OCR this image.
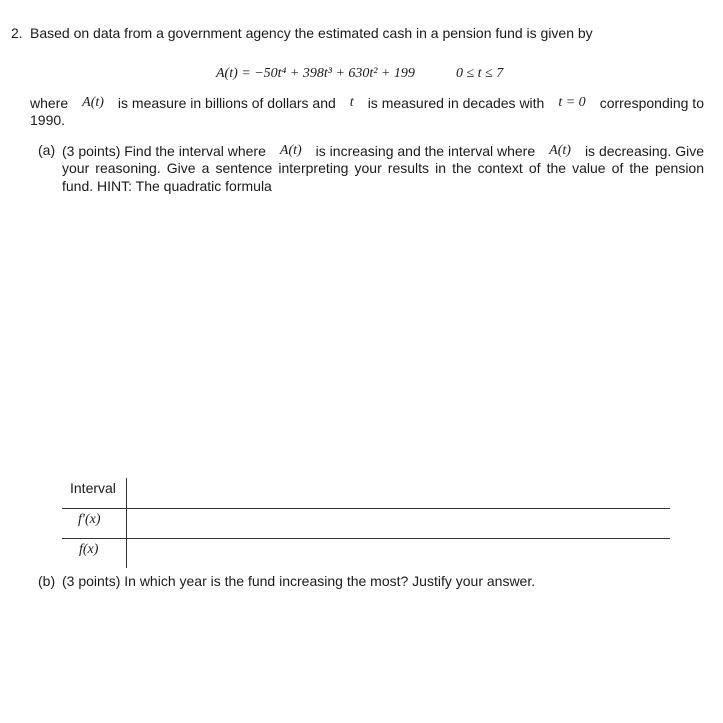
2. Based on data from a government agency the estimated cash in a pension fund is given by
A(t) = −50t⁴ + 398t³ + 630t² + 199	0 ≤ t ≤ 7
where A(t) is measure in billions of dollars and t is measured in decades with t = 0 corresponding to
1990.
(a) (3 points) Find the interval where A(t) is increasing and the interval where A(t) is decreasing. Give
your reasoning. Give a sentence interpreting your results in the context of the value of the pension
fund. HINT: The quadratic formula
Interval
f′(x)
f(x)
(b) (3 points) In which year is the fund increasing the most? Justify your answer.
